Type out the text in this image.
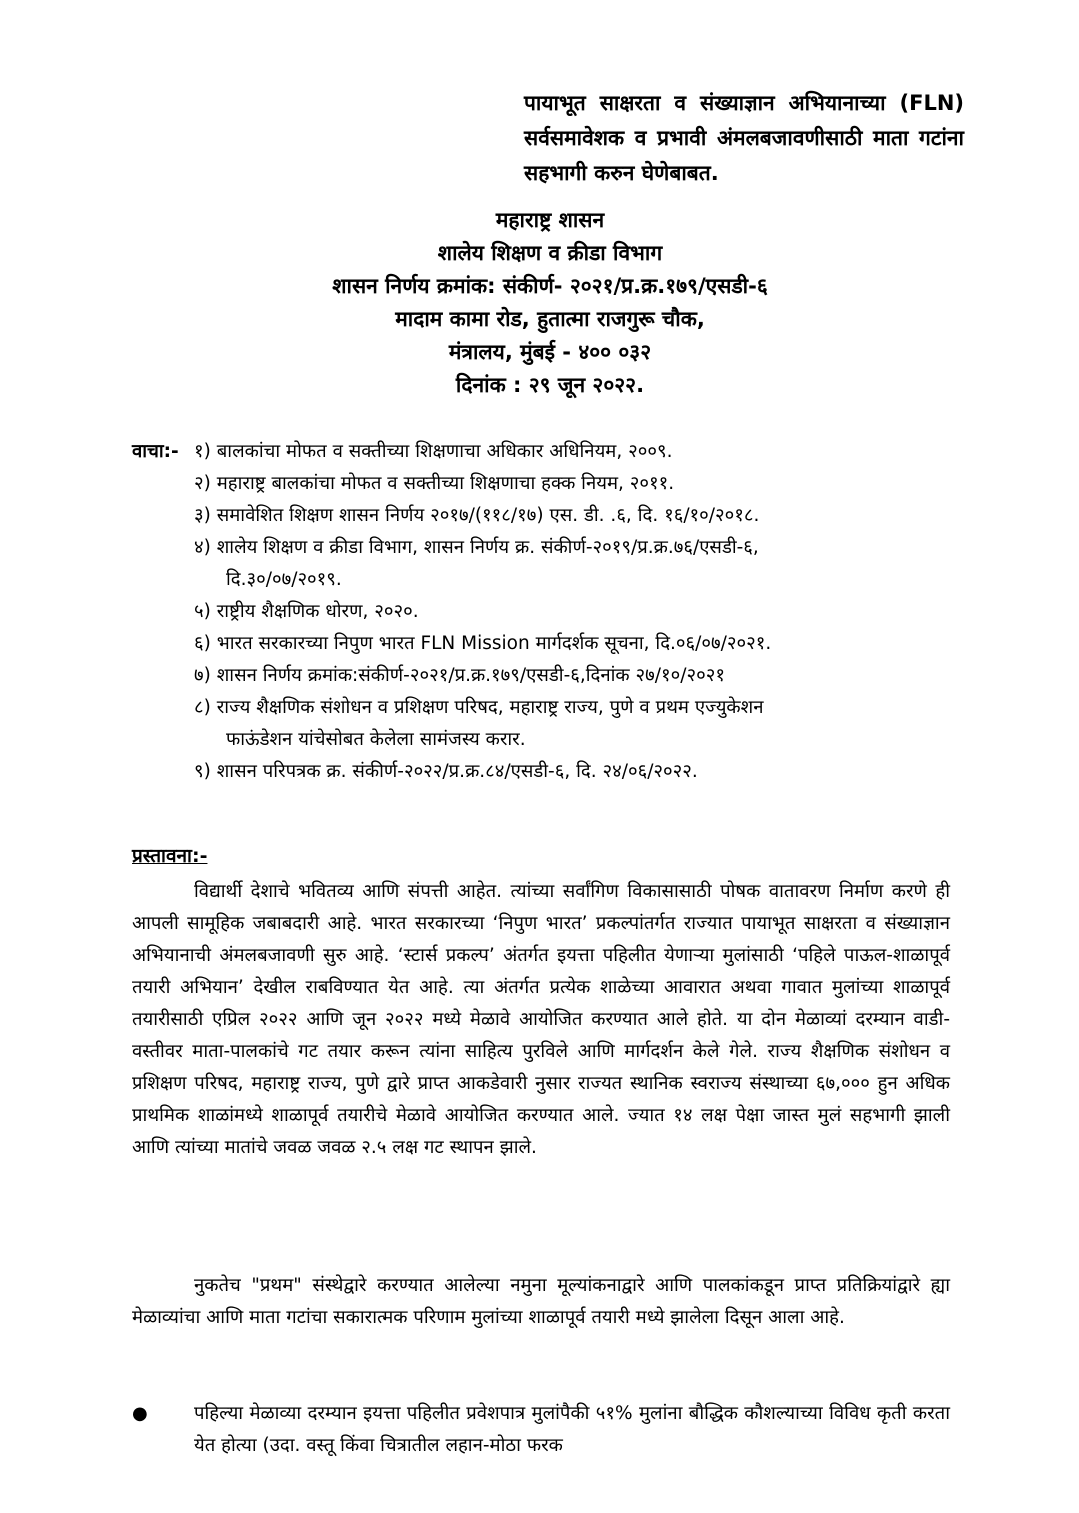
पायाभूत साक्षरता व संख्याज्ञान अभियानाच्या (FLN) सर्वसमावेशक व प्रभावी अंमलबजावणीसाठी माता गटांना सहभागी करुन घेणेबाबत.
महाराष्ट्र शासन
शालेय शिक्षण व क्रीडा विभाग
शासन निर्णय क्रमांक: संकीर्ण- २०२१/प्र.क्र.१७९/एसडी-६
मादाम कामा रोड, हुतात्मा राजगुरू चौक,
मंत्रालय, मुंबई - ४०० ०३२
दिनांक : २९ जून २०२२.
वाचा:- १) बालकांचा मोफत व सक्तीच्या शिक्षणाचा अधिकार अधिनियम, २००९.
२) महाराष्ट्र बालकांचा मोफत व सक्तीच्या शिक्षणाचा हक्क नियम, २०११.
३) समावेशित शिक्षण शासन निर्णय २०१७/(११८/१७) एस. डी. .६, दि. १६/१०/२०१८.
४) शालेय शिक्षण व क्रीडा विभाग, शासन निर्णय क्र. संकीर्ण-२०१९/प्र.क्र.७६/एसडी-६,
दि.३०/०७/२०१९.
५) राष्ट्रीय शैक्षणिक धोरण, २०२०.
६) भारत सरकारच्या निपुण भारत FLN Mission मार्गदर्शक सूचना, दि.०६/०७/२०२१.
७) शासन निर्णय क्रमांक:संकीर्ण-२०२१/प्र.क्र.१७९/एसडी-६,दिनांक २७/१०/२०२१
८) राज्य शैक्षणिक संशोधन व प्रशिक्षण परिषद, महाराष्ट्र राज्य, पुणे व प्रथम एज्युकेशन
फाऊंडेशन यांचेसोबत केलेला सामंजस्य करार.
९) शासन परिपत्रक क्र. संकीर्ण-२०२२/प्र.क्र.८४/एसडी-६, दि. २४/०६/२०२२.
प्रस्तावना:-
विद्यार्थी देशाचे भवितव्य आणि संपत्ती आहेत. त्यांच्या सर्वांगिण विकासासाठी पोषक वातावरण निर्माण करणे ही आपली सामूहिक जबाबदारी आहे. भारत सरकारच्या ‘निपुण भारत’ प्रकल्पांतर्गत राज्यात पायाभूत साक्षरता व संख्याज्ञान अभियानाची अंमलबजावणी सुरु आहे. ‘स्टार्स प्रकल्प’ अंतर्गत इयत्ता पहिलीत येणाऱ्या मुलांसाठी ‘पहिले पाऊल-शाळापूर्व तयारी अभियान’ देखील राबविण्यात येत आहे. त्या अंतर्गत प्रत्येक शाळेच्या आवारात अथवा गावात मुलांच्या शाळापूर्व तयारीसाठी एप्रिल २०२२ आणि जून २०२२ मध्ये मेळावे आयोजित करण्यात आले होते. या दोन मेळाव्यां दरम्यान वाडी-वस्तीवर माता-पालकांचे गट तयार करून त्यांना साहित्य पुरविले आणि मार्गदर्शन केले गेले. राज्य शैक्षणिक संशोधन व प्रशिक्षण परिषद, महाराष्ट्र राज्य, पुणे द्वारे प्राप्त आकडेवारी नुसार राज्यत स्थानिक स्वराज्य संस्थाच्या ६७,००० हुन अधिक प्राथमिक शाळांमध्ये शाळापूर्व तयारीचे मेळावे आयोजित करण्यात आले. ज्यात १४ लक्ष पेक्षा जास्त मुलं सहभागी झाली आणि त्यांच्या मातांचे जवळ जवळ २.५ लक्ष गट स्थापन झाले.
नुकतेच "प्रथम" संस्थेद्वारे करण्यात आलेल्या नमुना मूल्यांकनाद्वारे आणि पालकांकडून प्राप्त प्रतिक्रियांद्वारे ह्या मेळाव्यांचा आणि माता गटांचा सकारात्मक परिणाम मुलांच्या शाळापूर्व तयारी मध्ये झालेला दिसून आला आहे.
●	पहिल्या मेळाव्या दरम्यान इयत्ता पहिलीत प्रवेशपात्र मुलांपैकी ५१% मुलांना बौद्धिक कौशल्याच्या विविध कृती करता येत होत्या (उदा. वस्तू किंवा चित्रातील लहान-मोठा फरक
